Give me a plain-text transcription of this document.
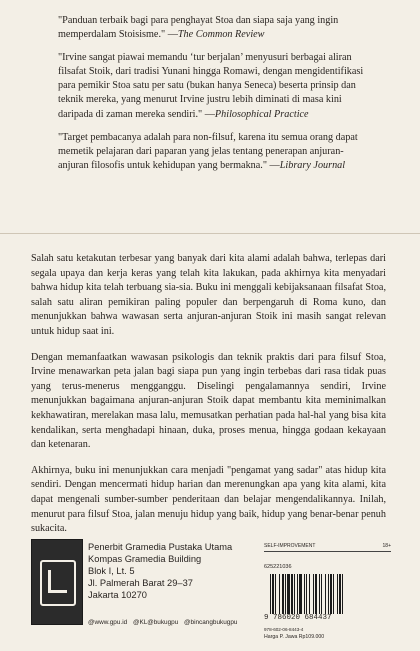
"Panduan terbaik bagi para penghayat Stoa dan siapa saja yang ingin memperdalam Stoisisme." —The Common Review

"Irvine sangat piawai memandu ‘tur berjalan’ menyusuri berbagai aliran filsafat Stoik, dari tradisi Yunani hingga Romawi, dengan mengidentifikasi para pemikir Stoa satu per satu (bukan hanya Seneca) beserta prinsip dan teknik mereka, yang menurut Irvine justru lebih diminati di masa kini daripada di zaman mereka sendiri." —Philosophical Practice

"Target pembacanya adalah para non-filsuf, karena itu semua orang dapat memetik pelajaran dari paparan yang jelas tentang penerapan anjuran-anjuran filosofis untuk kehidupan yang bermakna." —Library Journal

Salah satu ketakutan terbesar yang banyak dari kita alami adalah bahwa, terlepas dari segala upaya dan kerja keras yang telah kita lakukan, pada akhirnya kita menyadari bahwa hidup kita telah terbuang sia-sia. Buku ini menggali kebijaksanaan filsafat Stoa, salah satu aliran pemikiran paling populer dan berpengaruh di Roma kuno, dan menunjukkan bahwa wawasan serta anjuran-anjuran Stoik ini masih sangat relevan untuk hidup saat ini.

Dengan memanfaatkan wawasan psikologis dan teknik praktis dari para filsuf Stoa, Irvine menawarkan peta jalan bagi siapa pun yang ingin terbebas dari rasa tidak puas yang terus-menerus mengganggu. Diselingi pengalamannya sendiri, Irvine menunjukkan bagaimana anjuran-anjuran Stoik dapat membantu kita meminimalkan kekhawatiran, merelakan masa lalu, memusatkan perhatian pada hal-hal yang bisa kita kendalikan, serta menghadapi hinaan, duka, proses menua, hingga godaan kekayaan dan ketenaran.

Akhirnya, buku ini menunjukkan cara menjadi "pengamat yang sadar" atas hidup kita sendiri. Dengan mencermati hidup harian dan merenungkan apa yang kita alami, kita dapat mengenali sumber-sumber penderitaan dan belajar mengendalikannya. Inilah, menurut para filsuf Stoa, jalan menuju hidup yang baik, hidup yang benar-benar penuh sukacita.

Penerbit Gramedia Pustaka Utama
Kompas Gramedia Building
Blok I, Lt. 5
Jl. Palmerah Barat 29–37
Jakarta 10270
@www.gpu.id @KL@bukugpu @bincangbukugpu
SELF-IMPROVEMENT	18+
625221036
9 786020 684437
978-602-06-8443-4
Harga P. Jawa Rp109.000
